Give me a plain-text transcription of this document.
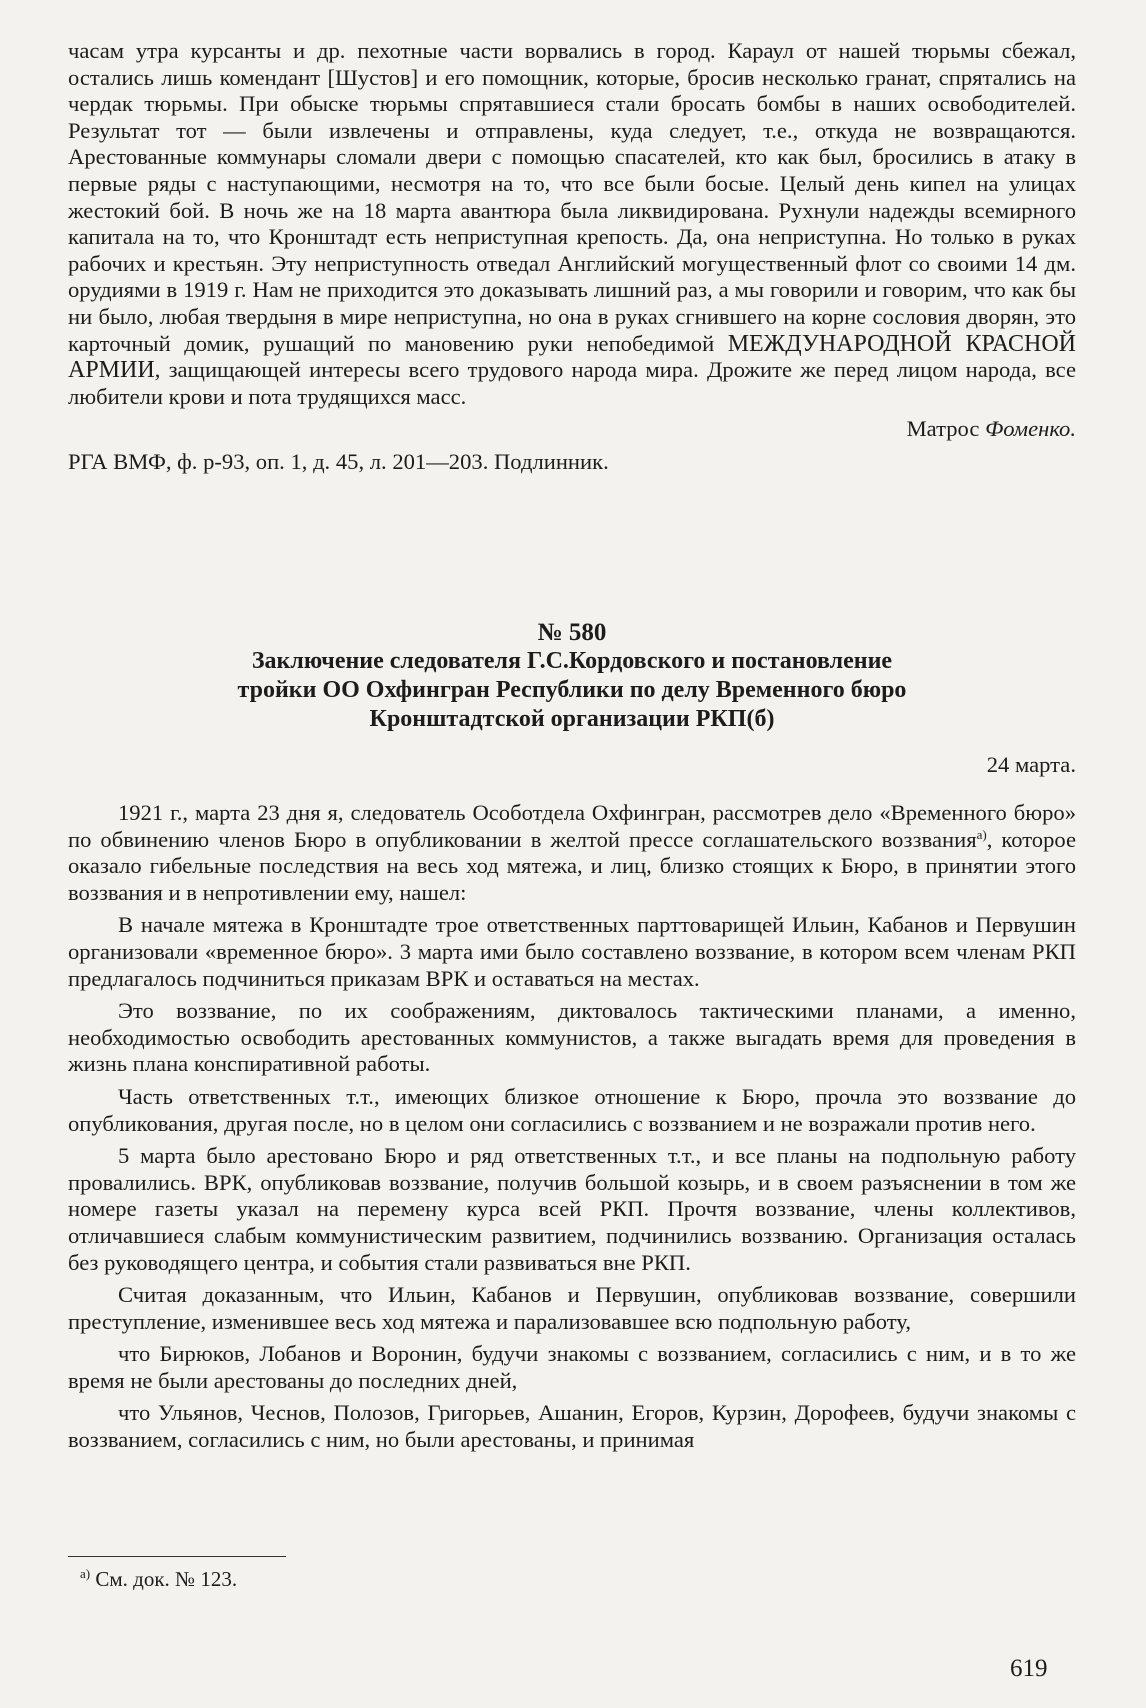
часам утра курсанты и др. пехотные части ворвались в город. Караул от нашей тюрьмы сбежал, остались лишь комендант [Шустов] и его помощник, которые, бросив несколько гранат, спрятались на чердак тюрьмы. При обыске тюрьмы спрятавшиеся стали бросать бомбы в наших освободителей. Результат тот — были извлечены и отправлены, куда следует, т.е., откуда не возвращаются. Арестованные коммунары сломали двери с помощью спасателей, кто как был, бросились в атаку в первые ряды с наступающими, несмотря на то, что все были босые. Целый день кипел на улицах жестокий бой. В ночь же на 18 марта авантюра была ликвидирована. Рухнули надежды всемирного капитала на то, что Кронштадт есть неприступная крепость. Да, она неприступна. Но только в руках рабочих и крестьян. Эту неприступность отведал Английский могущественный флот со своими 14 дм. орудиями в 1919 г. Нам не приходится это доказывать лишний раз, а мы говорили и говорим, что как бы ни было, любая твердыня в мире неприступна, но она в руках сгнившего на корне сословия дворян, это карточный домик, рушащий по мановению руки непобедимой МЕЖДУНАРОДНОЙ КРАСНОЙ АРМИИ, защищающей интересы всего трудового народа мира. Дрожите же перед лицом народа, все любители крови и пота трудящихся масс.

Матрос Фоменко.

РГА ВМФ, ф. р-93, оп. 1, д. 45, л. 201—203. Подлинник.

№ 580
Заключение следователя Г.С.Кордовского и постановление
тройки ОО Охфингран Республики по делу Временного бюро
Кронштадтской организации РКП(б)
24 марта.

1921 г., марта 23 дня я, следователь Особотдела Охфингран, рассмотрев дело «Временного бюро» по обвинению членов Бюро в опубликовании в желтой прессе соглашательского воззвания$^{а)}$, которое оказало гибельные последствия на весь ход мятежа, и лиц, близко стоящих к Бюро, в принятии этого воззвания и в непротивлении ему, нашел:

В начале мятежа в Кронштадте трое ответственных парттоварищей Ильин, Кабанов и Первушин организовали «временное бюро». 3 марта ими было составлено воззвание, в котором всем членам РКП предлагалось подчиниться приказам ВРК и оставаться на местах.

Это воззвание, по их соображениям, диктовалось тактическими планами, а именно, необходимостью освободить арестованных коммунистов, а также выгадать время для проведения в жизнь плана конспиративной работы.

Часть ответственных т.т., имеющих близкое отношение к Бюро, прочла это воззвание до опубликования, другая после, но в целом они согласились с воззванием и не возражали против него.

5 марта было арестовано Бюро и ряд ответственных т.т., и все планы на подпольную работу провалились. ВРК, опубликовав воззвание, получив большой козырь, и в своем разъяснении в том же номере газеты указал на перемену курса всей РКП. Прочтя воззвание, члены коллективов, отличавшиеся слабым коммунистическим развитием, подчинились воззванию. Организация осталась без руководящего центра, и события стали развиваться вне РКП.

Считая доказанным, что Ильин, Кабанов и Первушин, опубликовав воззвание, совершили преступление, изменившее весь ход мятежа и парализовавшее всю подпольную работу,

что Бирюков, Лобанов и Воронин, будучи знакомы с воззванием, согласились с ним, и в то же время не были арестованы до последних дней,

что Ульянов, Чеснов, Полозов, Григорьев, Ашанин, Егоров, Курзин, Дорофеев, будучи знакомы с воззванием, согласились с ним, но были арестованы, и принимая

$^{а)}$ См. док. № 123.
619
